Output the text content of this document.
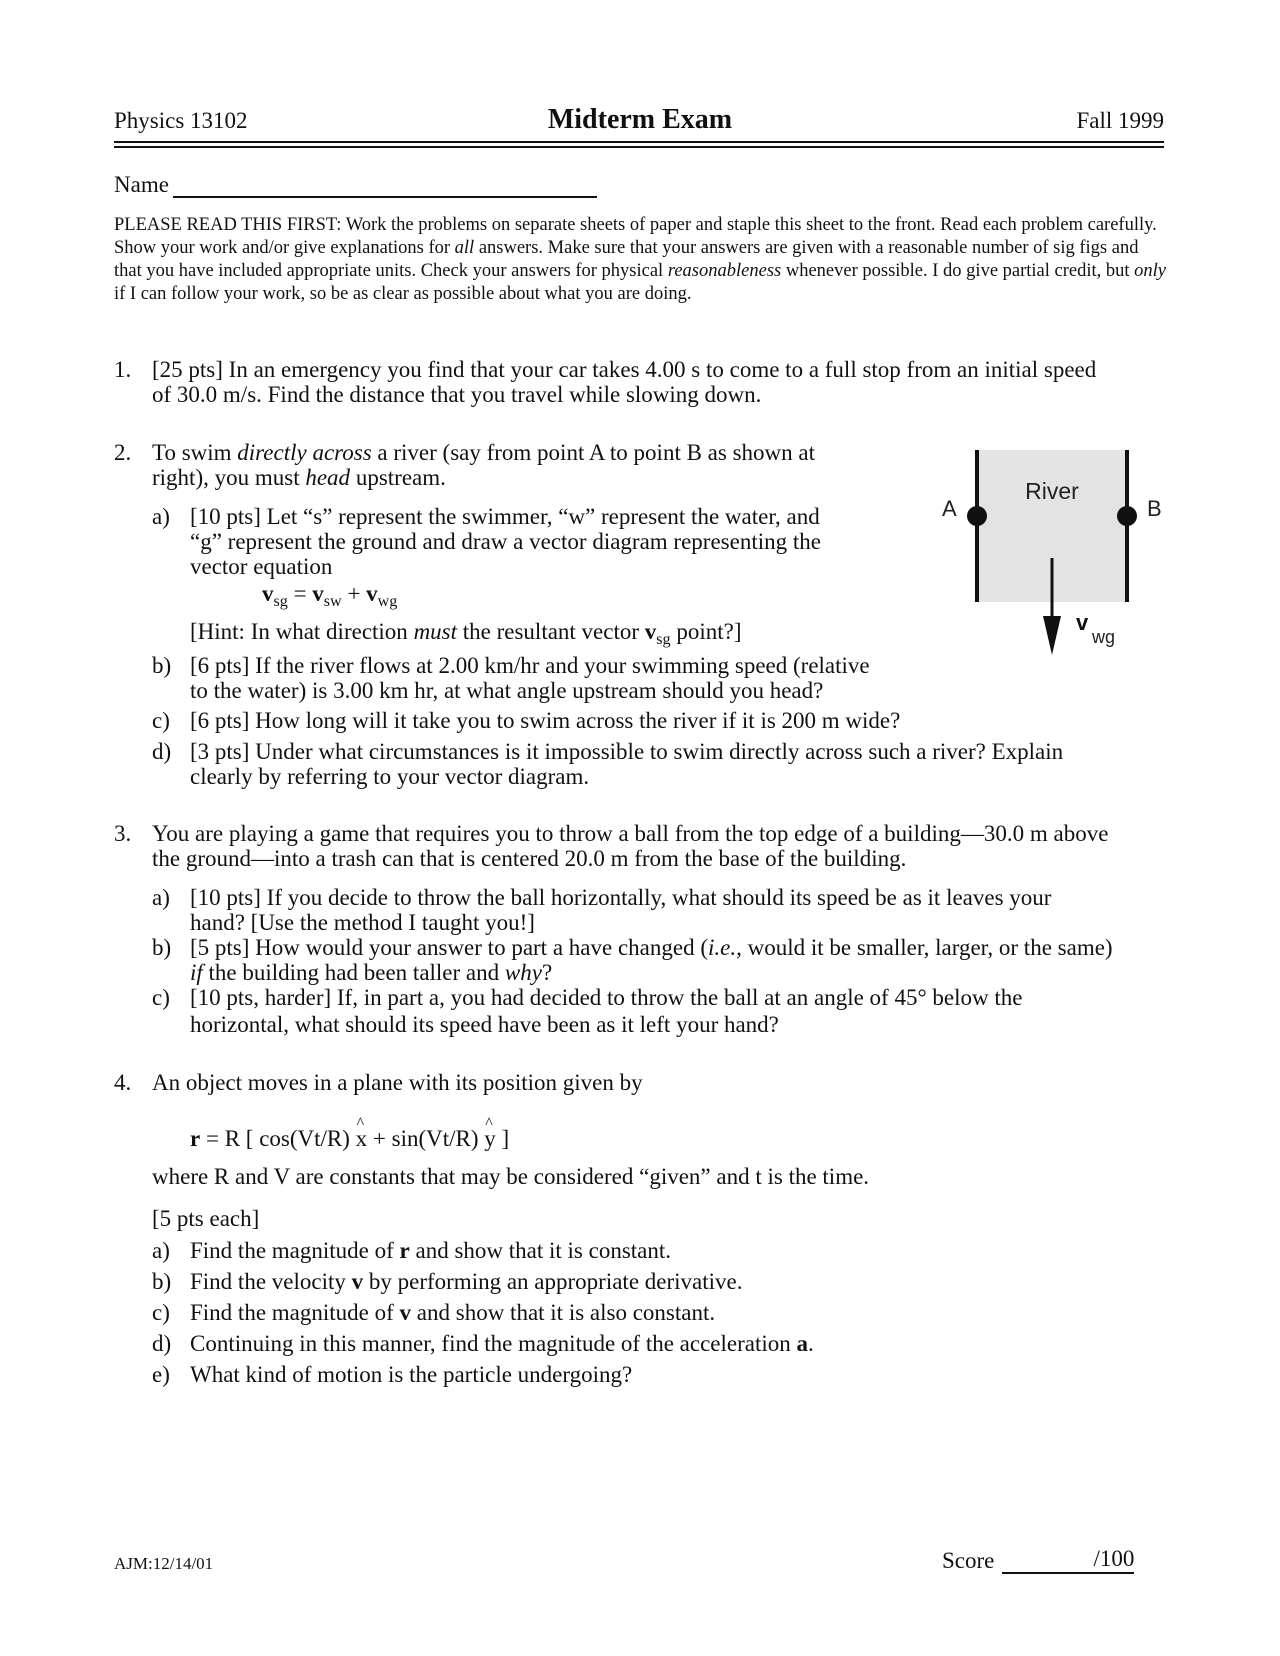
Physics 13102	Midterm Exam	Fall 1999
Name
PLEASE READ THIS FIRST: Work the problems on separate sheets of paper and staple this sheet to the front. Read each problem carefully. Show your work and/or give explanations for all answers. Make sure that your answers are given with a reasonable number of sig figs and that you have included appropriate units. Check your answers for physical reasonableness whenever possible. I do give partial credit, but only if I can follow your work, so be as clear as possible about what you are doing.
1. [25 pts] In an emergency you find that your car takes 4.00 s to come to a full stop from an initial speed
of 30.0 m/s. Find the distance that you travel while slowing down.
2. To swim directly across a river (say from point A to point B as shown at
right), you must head upstream.
a) [10 pts] Let “s” represent the swimmer, “w” represent the water, and
“g” represent the ground and draw a vector diagram representing the
vector equation
$v_{sg} = v_{sw} + v_{wg}$
[Hint: In what direction must the resultant vector $v_{sg}$ point?]
b) [6 pts] If the river flows at 2.00 km/hr and your swimming speed (relative
to the water) is 3.00 km hr, at what angle upstream should you head?
c) [6 pts] How long will it take you to swim across the river if it is 200 m wide?
d) [3 pts] Under what circumstances is it impossible to swim directly across such a river? Explain
clearly by referring to your vector diagram.
River
A	B
v
wg
3. You are playing a game that requires you to throw a ball from the top edge of a building—30.0 m above
the ground—into a trash can that is centered 20.0 m from the base of the building.
a) [10 pts] If you decide to throw the ball horizontally, what should its speed be as it leaves your
hand? [Use the method I taught you!]
b) [5 pts] How would your answer to part a have changed (i.e., would it be smaller, larger, or the same)
if the building had been taller and why?
c) [10 pts, harder] If, in part a, you had decided to throw the ball at an angle of 45° below the
horizontal, what should its speed have been as it left your hand?
4. An object moves in a plane with its position given by
r = R [ cos(Vt/R) ^ x + sin(Vt/R) ^ y ]
where R and V are constants that may be considered “given” and t is the time.
[5 pts each]
a) Find the magnitude of r and show that it is constant.
b) Find the velocity v by performing an appropriate derivative.
c) Find the magnitude of v and show that it is also constant.
d) Continuing in this manner, find the magnitude of the acceleration a.
e) What kind of motion is the particle undergoing?
AJM:12/14/01	Score	/100
